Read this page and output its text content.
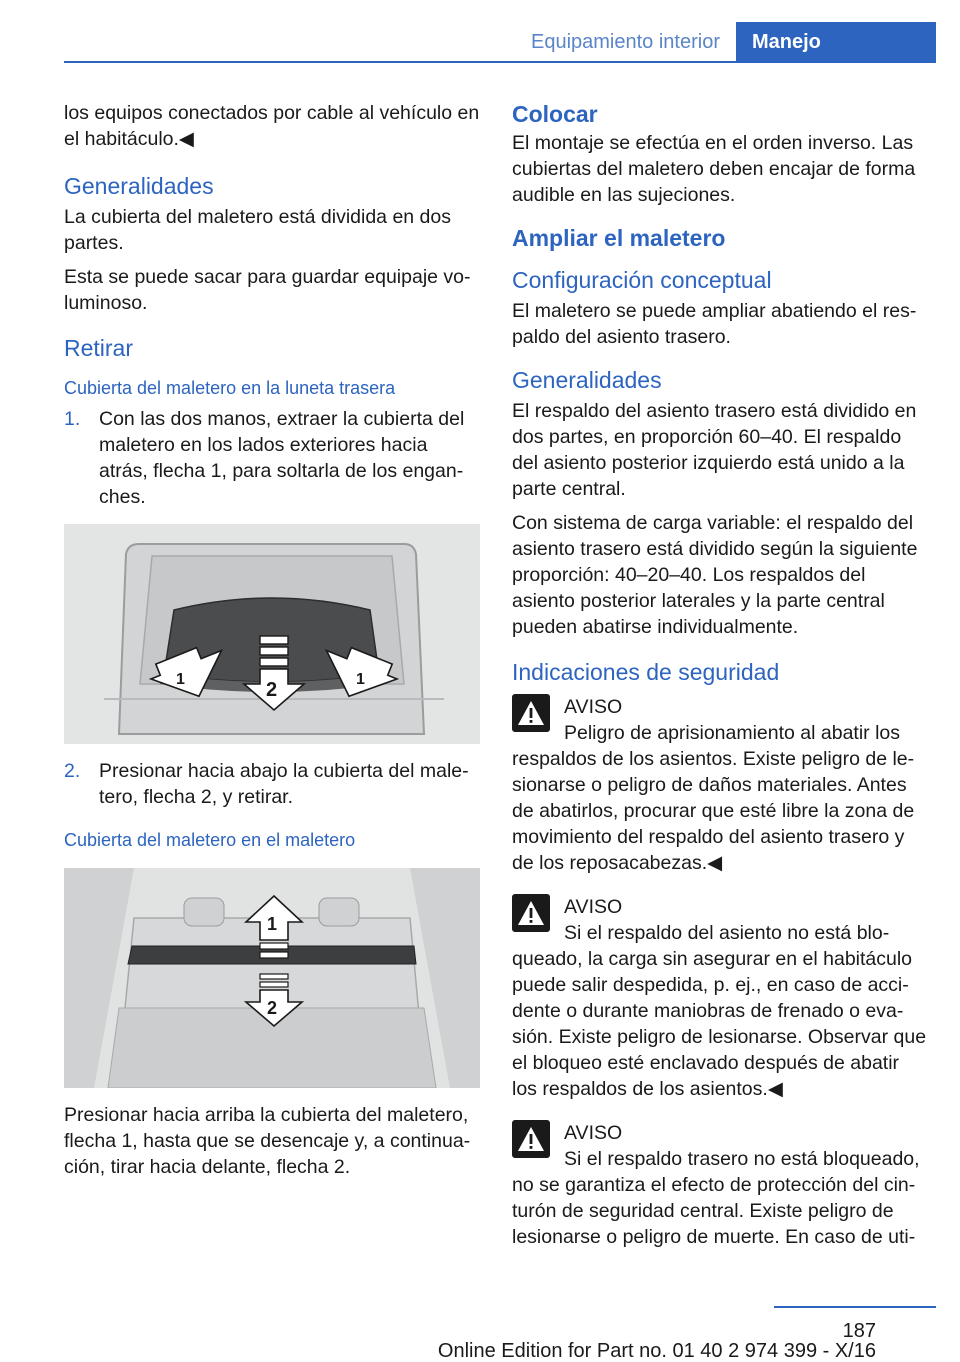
Equipamiento interior	Manejo

los equipos conectados por cable al vehículo en el habitáculo.◀

Generalidades

La cubierta del maletero está dividida en dos partes.

Esta se puede sacar para guardar equipaje vo-luminoso.

Retirar
Cubierta del maletero en la luneta trasera
1. Con las dos manos, extraer la cubierta del maletero en los lados exteriores hacia atrás, flecha 1, para soltarla de los engan-ches.
1	2	1
2. Presionar hacia abajo la cubierta del male-tero, flecha 2, y retirar.
Cubierta del maletero en el maletero
1
2

Presionar hacia arriba la cubierta del maletero, flecha 1, hasta que se desencaje y, a continua-ción, tirar hacia delante, flecha 2.

Colocar

El montaje se efectúa en el orden inverso. Las cubiertas del maletero deben encajar de forma audible en las sujeciones.

Ampliar el maletero
Configuración conceptual

El maletero se puede ampliar abatiendo el res-paldo del asiento trasero.

Generalidades

El respaldo del asiento trasero está dividido en dos partes, en proporción 60–40. El respaldo del asiento posterior izquierdo está unido a la parte central.

Con sistema de carga variable: el respaldo del asiento trasero está dividido según la siguiente proporción: 40–20–40. Los respaldos del asiento posterior laterales y la parte central pueden abatirse individualmente.

Indicaciones de seguridad
AVISO
Peligro de aprisionamiento al abatir los

respaldos de los asientos. Existe peligro de le-sionarse o peligro de daños materiales. Antes de abatirlos, procurar que esté libre la zona de movimiento del respaldo del asiento trasero y de los reposacabezas.◀

AVISO
Si el respaldo del asiento no está blo-

queado, la carga sin asegurar en el habitáculo puede salir despedida, p. ej., en caso de acci-dente o durante maniobras de frenado o eva-sión. Existe peligro de lesionarse. Observar que el bloqueo esté enclavado después de abatir los respaldos de los asientos.◀

AVISO
Si el respaldo trasero no está bloqueado,

no se garantiza el efecto de protección del cin-turón de seguridad central. Existe peligro de lesionarse o peligro de muerte. En caso de uti-

187
Online Edition for Part no. 01 40 2 974 399 - X/16
